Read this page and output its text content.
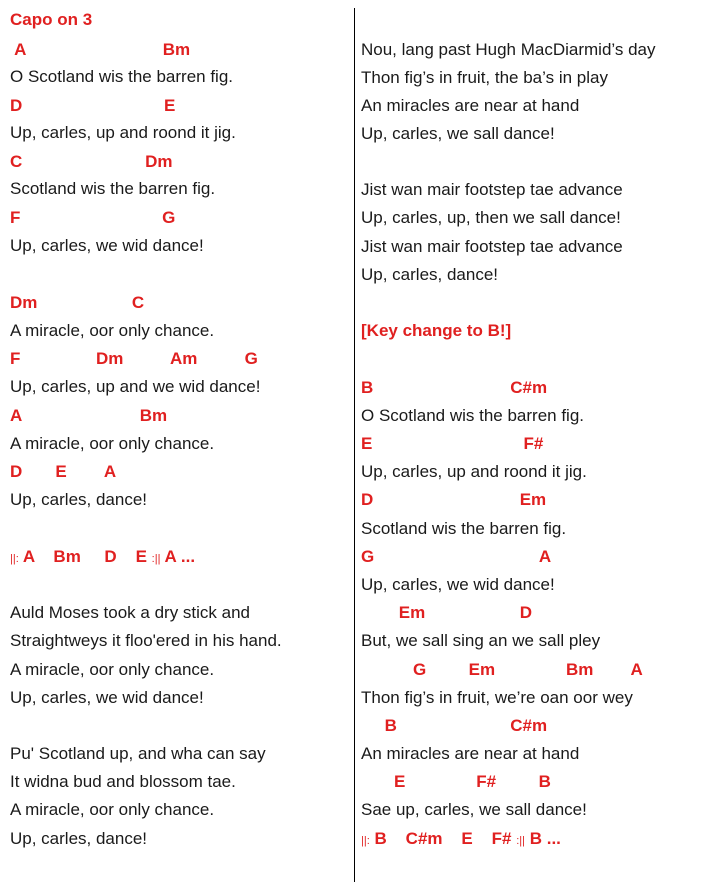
Capo on 3
A                             Bm
O Scotland wis the barren fig.
D                              E
Up, carles, up and roond it jig.
C                          Dm
Scotland wis the barren fig.
F                              G
Up, carles, we wid dance!
Dm                    C
A miracle, oor only chance.
F                Dm          Am          G
Up, carles, up and we wid dance!
A                         Bm
A miracle, oor only chance.
D       E        A
Up, carles, dance!
||: A    Bm     D    E :|| A ...
Auld Moses took a dry stick and
Straightweys it floo'ered in his hand.
A miracle, oor only chance.
Up, carles, we wid dance!
Pu' Scotland up, and wha can say
It widna bud and blossom tae.
A miracle, oor only chance.
Up, carles, dance!
Nou, lang past Hugh MacDiarmid’s day
Thon fig’s in fruit, the ba’s in play
An miracles are near at hand
Up, carles, we sall dance!
Jist wan mair footstep tae advance
Up, carles, up, then we sall dance!
Jist wan mair footstep tae advance
Up, carles, dance!
[Key change to B!]
B                             C#m
O Scotland wis the barren fig.
E                                F#
Up, carles, up and roond it jig.
D                               Em
Scotland wis the barren fig.
G                                   A
Up, carles, we wid dance!
Em                    D
But, we sall sing an we sall pley
G         Em               Bm        A
Thon fig’s in fruit, we’re oan oor wey
B                        C#m
An miracles are near at hand
E               F#         B
Sae up, carles, we sall dance!
||: B    C#m    E    F# :|| B ...
